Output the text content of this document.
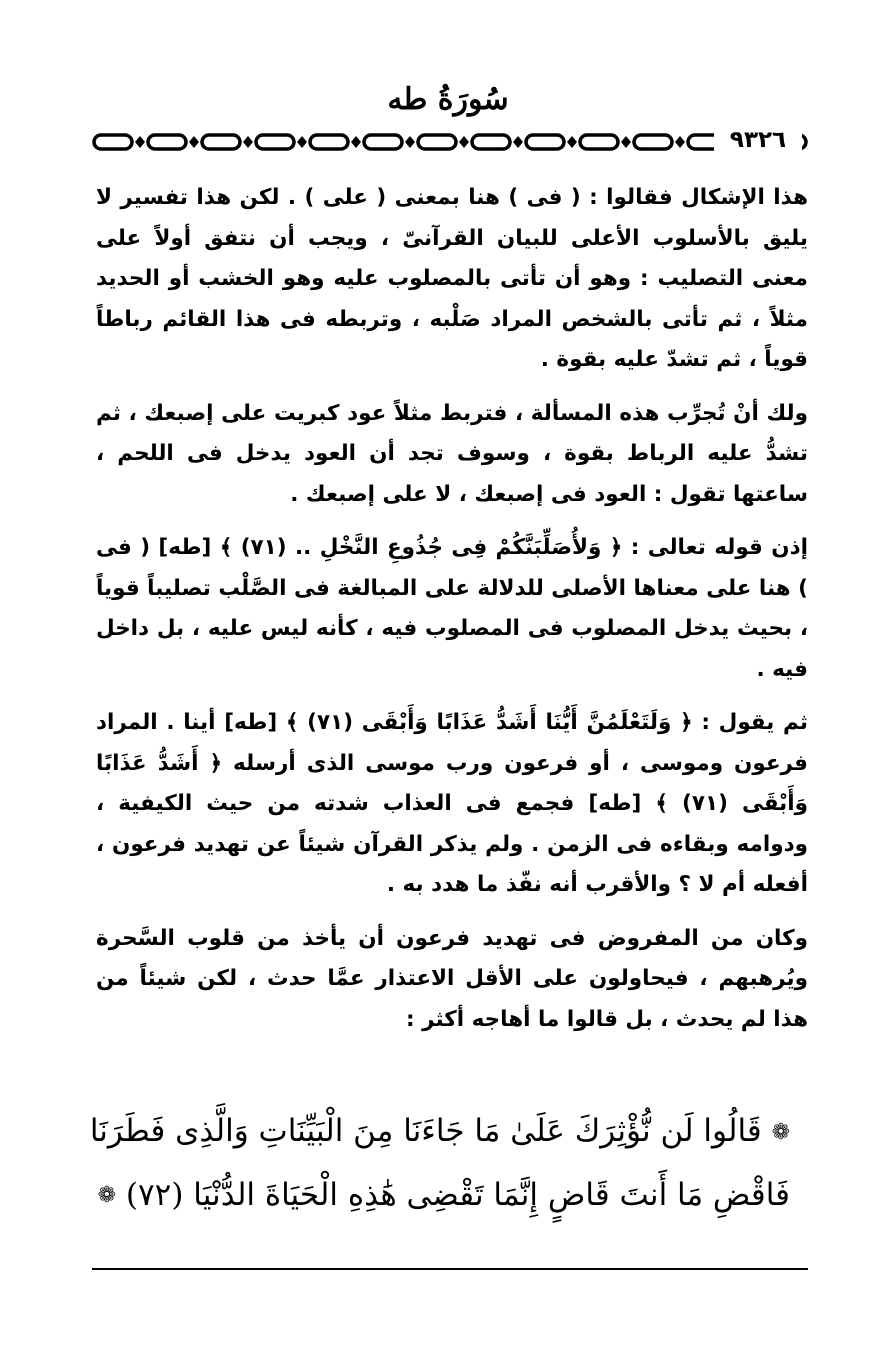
سُورَةُ طه
٩٣٢٦

هذا الإشكال فقالوا : ( فى ) هنا بمعنى ( على ) . لكن هذا تفسير لا يليق بالأسلوب الأعلى للبيان القرآنىّ ، ويجب أن نتفق أولاً على معنى التصليب : وهو أن تأتى بالمصلوب عليه وهو الخشب أو الحديد مثلاً ، ثم تأتى بالشخص المراد صَلْبه ، وتربطه فى هذا القائم رباطاً قوياً ، ثم تشدّ عليه بقوة .

ولك أنْ تُجرِّب هذه المسألة ، فتربط مثلاً عود كبريت على إصبعك ، ثم تشدُّ عليه الرباط بقوة ، وسوف تجد أن العود يدخل فى اللحم ، ساعتها تقول : العود فى إصبعك ، لا على إصبعك .

إذن قوله تعالى : ﴿ وَلأُصَلِّبَنَّكُمْ فِى جُذُوعِ النَّخْلِ .. (٧١) ﴾ [طه] ( فى ) هنا على معناها الأصلى للدلالة على المبالغة فى الصَّلْب تصليباً قوياً ، بحيث يدخل المصلوب فى المصلوب فيه ، كأنه ليس عليه ، بل داخل فيه .

ثم يقول : ﴿ وَلَتَعْلَمُنَّ أَيُّنَا أَشَدُّ عَذَابًا وَأَبْقَى (٧١) ﴾ [طه] أينا . المراد فرعون وموسى ، أو فرعون ورب موسى الذى أرسله ﴿ أَشَدُّ عَذَابًا وَأَبْقَى (٧١) ﴾ [طه] فجمع فى العذاب شدته من حيث الكيفية ، ودوامه وبقاءه فى الزمن . ولم يذكر القرآن شيئاً عن تهديد فرعون ، أفعله أم لا ؟ والأقرب أنه نفّذ ما هدد به .

وكان من المفروض فى تهديد فرعون أن يأخذ من قلوب السَّحرة ويُرهبهم ، فيحاولون على الأقل الاعتذار عمَّا حدث ، لكن شيئاً من هذا لم يحدث ، بل قالوا ما أهاجه أكثر :

❁ قَالُوا لَن نُّؤْثِرَكَ عَلَىٰ مَا جَاءَنَا مِنَ الْبَيِّنَاتِ وَالَّذِى فَطَرَنَا
فَاقْضِ مَا أَنتَ قَاضٍ إِنَّمَا تَقْضِى هَٰذِهِ الْحَيَاةَ الدُّنْيَا (٧٢) ❁
